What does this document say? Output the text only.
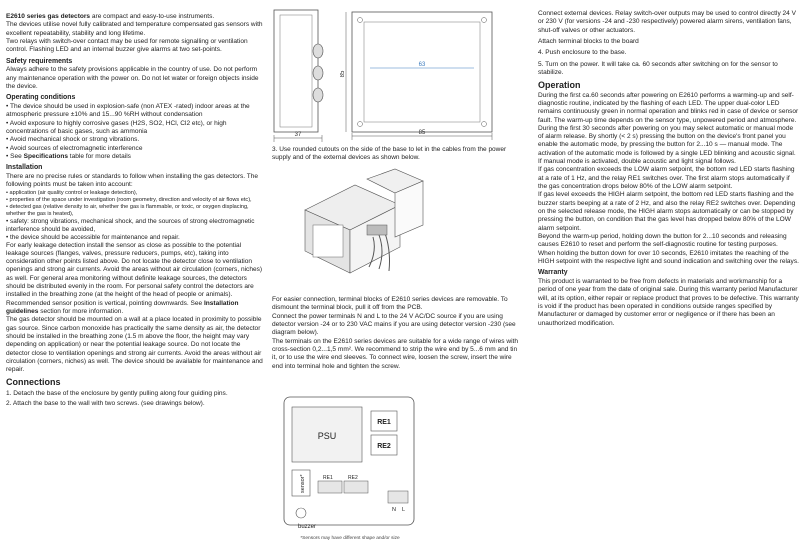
E2610 series gas detectors are compact and easy-to-use instruments.

The devices utilise novel fully calibrated and temperature compensated gas sensors with excellent repeatability, stability and long lifetime.

Two relays with switch-over contact may be used for remote signalling or ventilation control. Flashing LED and an internal buzzer give alarms at two set-points.

Safety requirements

Always adhere to the safety provisions applicable in the country of use. Do not perform any maintenance operation with the power on. Do not let water or foreign objects inside the device.

Operating conditions

• The device should be used in explosion-safe (non ATEX -rated) indoor areas at the atmospheric pressure ±10% and 15...90 %RH without condensation

• Avoid exposure to highly corrosive gases (H2S, SO2, HCl, Cl2 etc), or high concentrations of basic gases, such as ammonia

• Avoid mechanical shock or strong vibrations.

• Avoid sources of electromagnetic interference

• See Specifications table for more details

Installation

There are no precise rules or standards to follow when installing the gas detectors. The following points must be taken into account:

• application (air quality control or leakage detection),

• properties of the space under investigation (room geometry, direction and velocity of air flows etc),

• detected gas (relative density to air, whether the gas is flammable, or toxic, or oxygen displacing, whether the gas is heated),

• safety: strong vibrations, mechanical shock, and the sources of strong electromagnetic interference should be avoided,

• the device should be accessible for maintenance and repair.

For early leakage detection install the sensor as close as possible to the potential leakage sources (flanges, valves, pressure reducers, pumps, etc), taking into consideration other points listed above. Do not locate the detector close to ventilation openings and strong air currents. Avoid the areas without air circulation (corners, niches) as well. For general area monitoring without definite leakage sources, the detectors should be distributed evenly in the room. For personal safety control the detectors are installed in the breathing zone (at the height of the head of people or animals). Recommended sensor position is vertical, pointing downwards. See Installation guidelines section for more information.

The gas detector should be mounted on a wall at a place located in proximity to possible gas source. Since carbon monoxide has practically the same density as air, the detector should be installed in the breathing zone (1.5 m above the floor, the height may vary depending on application) or near the potential leakage source. Do not locate the detector close to ventilation openings and strong air currents. Avoid the areas without air circulation (corners, niches) as well. The device should be available for maintenance and repair.

Connections

1. Detach the base of the enclosure by gently pulling along four guiding pins.

2. Attach the base to the wall with two screws. (see drawings below).

37
63
85
85
3. Use rounded cutouts on the side of the base to let in the cables from the power supply and of the external devices as shown below.

For easier connection, terminal blocks of E2610 series devices are removable. To dismount the terminal block, pull it off from the PCB.

Connect the power terminals N and L to the 24 V AC/DC source if you are using detector version -24 or to 230 VAC mains if you are using detector version -230 (see diagram below).

The terminals on the E2610 series devices are suitable for a wide range of wires with cross-section 0,2...1,5 mm². We recommend to strip the wire end by 5...6 mm and tin it, or to use the wire end sleeves. To connect wire, loosen the screw, insert the wire end into terminal hole and tighten the screw.

PSU
RE1
RE2
sensor*
buzzer
RE1	RE2
N L
*Sensors may have different shape and/or size

Connect external devices. Relay switch-over outputs may be used to control directly 24 V or 230 V (for versions -24 and -230 respectively) powered alarm sirens, ventilation fans, shut-off valves or other actuators.

Attach terminal blocks to the board

4. Push enclosure to the base.

5. Turn on the power. It will take ca. 60 seconds after switching on for the sensor to stabilize.

Operation

During the first ca.60 seconds after powering on E2610 performs a warming-up and self-diagnostic routine, indicated by the flashing of each LED. The upper dual-color LED remains continuously green in normal operation and blinks red in case of device or sensor fault. The warm-up time depends on the sensor type, unpowered period and atmosphere.

During the first 30 seconds after powering on you may select automatic or manual mode of alarm release. By shortly (< 2 s) pressing the button on the device's front panel you enable the automatic mode, by pressing the button for 2...10 s — manual mode. The activation of the automatic mode is followed by a single LED blinking and acoustic signal. If manual mode is activated, double acoustic and light signal follows.

If gas concentration exceeds the LOW alarm setpoint, the bottom red LED starts flashing at a rate of 1 Hz, and the relay RE1 switches over. The first alarm stops automatically if the gas concentration drops below 80% of the LOW alarm setpoint.

If gas level exceeds the HIGH alarm setpoint, the bottom red LED starts flashing and the buzzer starts beeping at a rate of 2 Hz, and also the relay RE2 switches over. Depending on the selected release mode, the HIGH alarm stops automatically or can be stopped by pressing the button, on condition that the gas level has dropped below 80% of the LOW alarm setpoint.

Beyond the warm-up period, holding down the button for 2...10 seconds and releasing causes E2610 to reset and perform the self-diagnostic routine for testing purposes.

When holding the button down for over 10 seconds, E2610 imitates the reaching of the HIGH setpoint with the respective light and sound indication and switching over the relays.

Warranty

This product is warranted to be free from defects in materials and workmanship for a period of one year from the date of original sale. During this warranty period Manufacturer will, at its option, either repair or replace product that proves to be defective. This warranty is void if the product has been operated in conditions outside ranges specified by Manufacturer or damaged by customer error or negligence or if there has been an unauthorized modification.
